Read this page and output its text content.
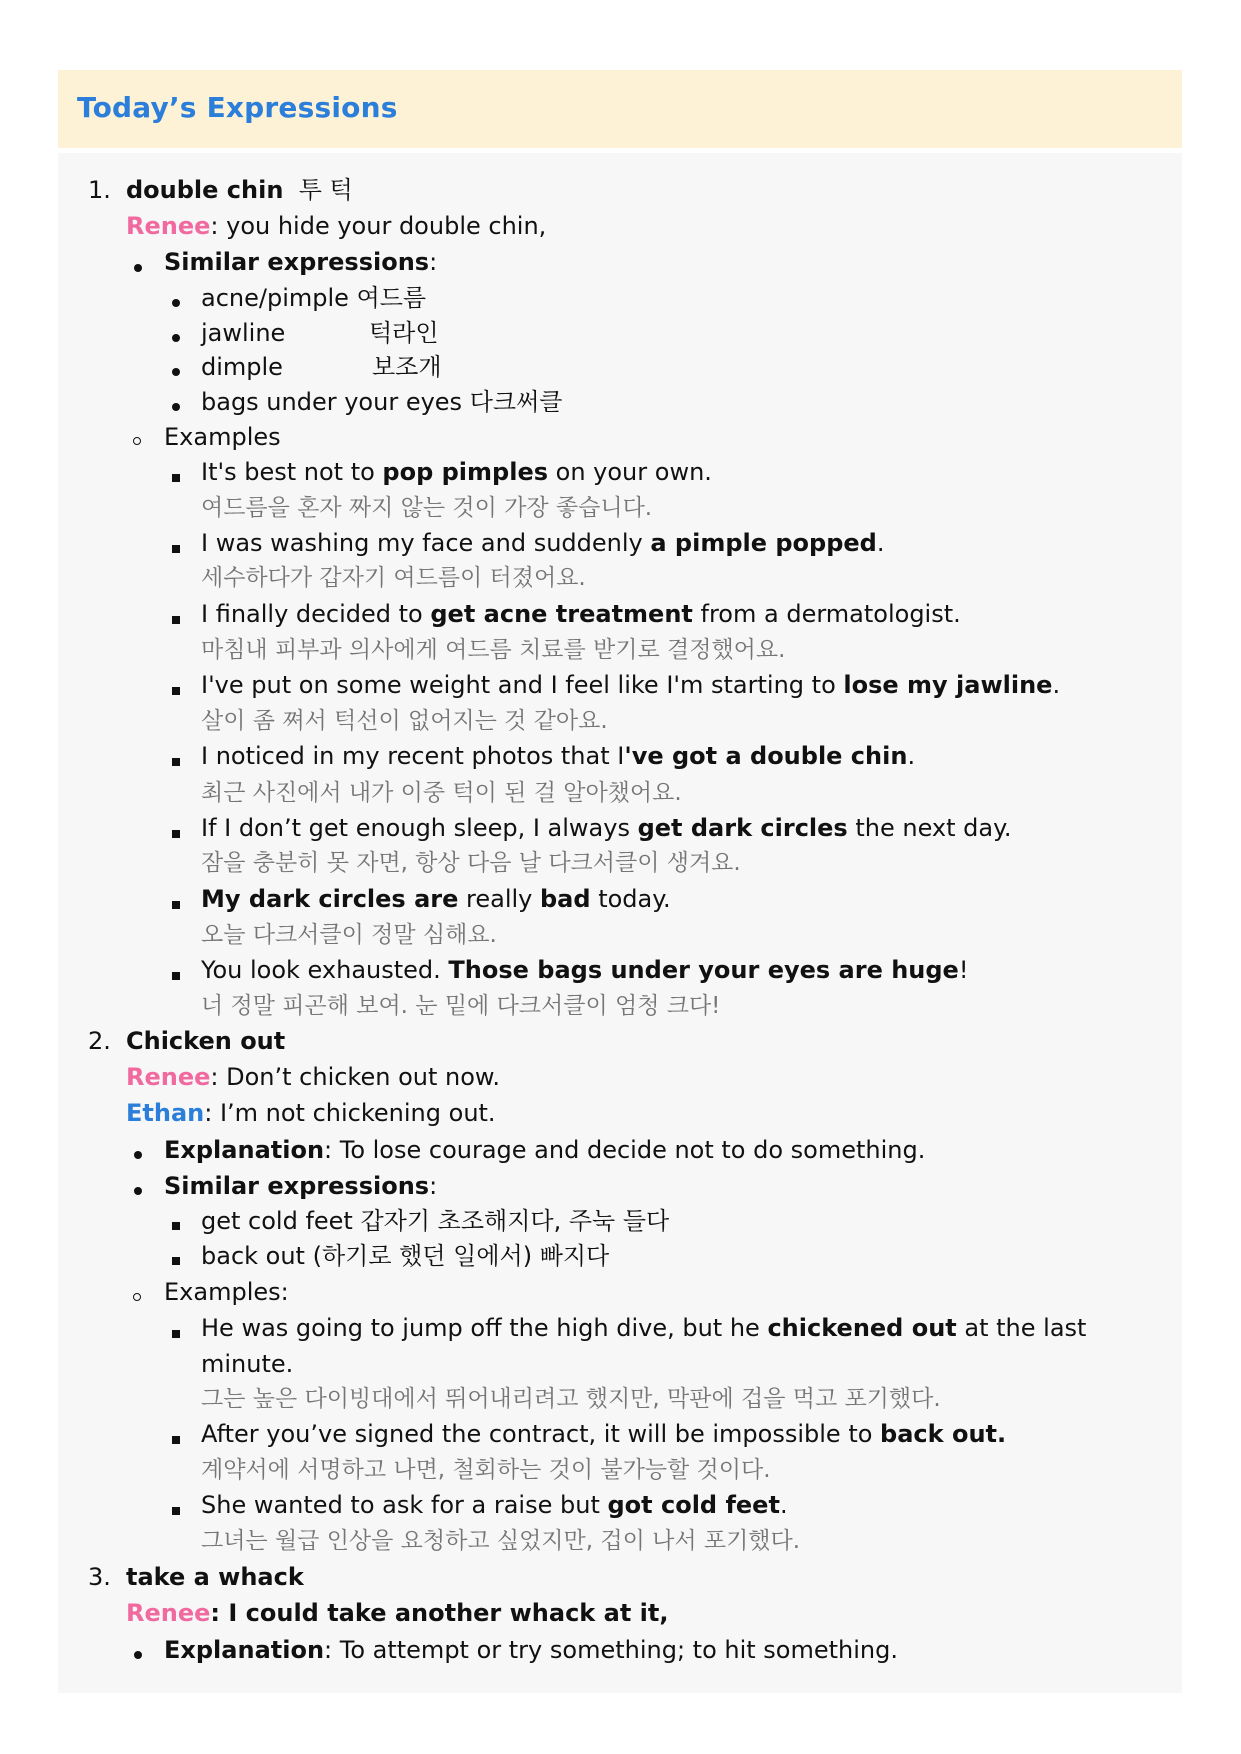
Today’s Expressions
1. double chin 투 턱
Renee: you hide your double chin,
Similar expressions:
acne/pimple 여드름
jawline	턱라인
dimple	보조개
bags under your eyes 다크써클
Examples
It's best not to pop pimples on your own.
여드름을 혼자 짜지 않는 것이 가장 좋습니다.
I was washing my face and suddenly a pimple popped.
세수하다가 갑자기 여드름이 터졌어요.
I finally decided to get acne treatment from a dermatologist.
마침내 피부과 의사에게 여드름 치료를 받기로 결정했어요.
I've put on some weight and I feel like I'm starting to lose my jawline.
살이 좀 쪄서 턱선이 없어지는 것 같아요.
I noticed in my recent photos that I've got a double chin.
최근 사진에서 내가 이중 턱이 된 걸 알아챘어요.
If I don’t get enough sleep, I always get dark circles the next day.
잠을 충분히 못 자면, 항상 다음 날 다크서클이 생겨요.
My dark circles are really bad today.
오늘 다크서클이 정말 심해요.
You look exhausted. Those bags under your eyes are huge!
너 정말 피곤해 보여. 눈 밑에 다크서클이 엄청 크다!
2. Chicken out
Renee: Don’t chicken out now.
Ethan: I’m not chickening out.
Explanation: To lose courage and decide not to do something.
Similar expressions:
get cold feet 갑자기 초조해지다, 주눅 들다
back out (하기로 했던 일에서) 빠지다
Examples:
He was going to jump off the high dive, but he chickened out at the last
minute.
그는 높은 다이빙대에서 뛰어내리려고 했지만, 막판에 겁을 먹고 포기했다.
After you’ve signed the contract, it will be impossible to back out.
계약서에 서명하고 나면, 철회하는 것이 불가능할 것이다.
She wanted to ask for a raise but got cold feet.
그녀는 월급 인상을 요청하고 싶었지만, 겁이 나서 포기했다.
3. take a whack
Renee: I could take another whack at it,
Explanation: To attempt or try something; to hit something.
